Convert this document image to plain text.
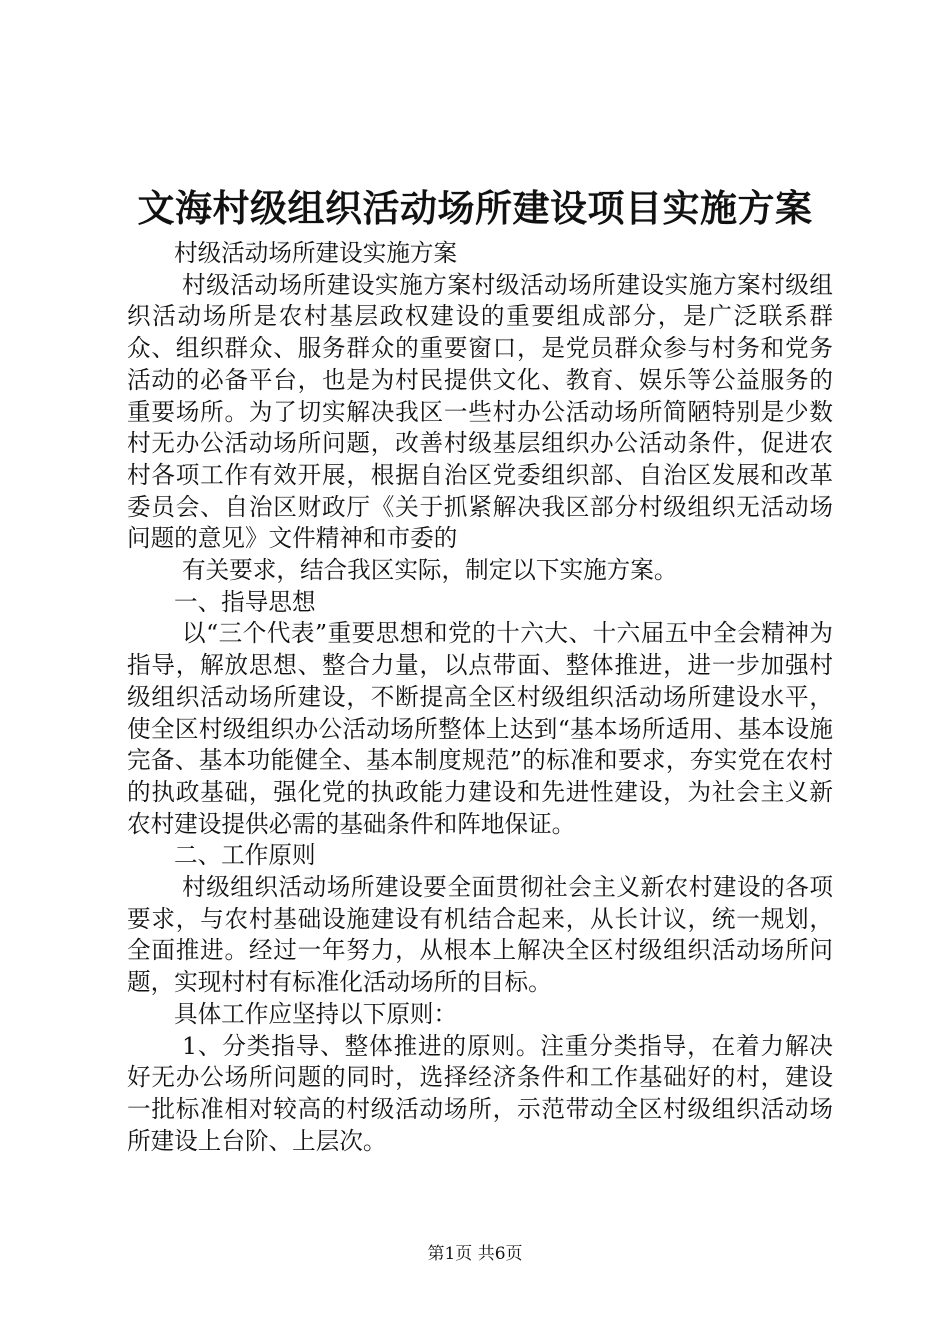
文海村级组织活动场所建设项目实施方案

村级活动场所建设实施方案

村级活动场所建设实施方案村级活动场所建设实施方案村级组织活动场所是农村基层政权建设的重要组成部分，是广泛联系群众、组织群众、服务群众的重要窗口，是党员群众参与村务和党务活动的必备平台，也是为村民提供文化、教育、娱乐等公益服务的重要场所。为了切实解决我区一些村办公活动场所简陋特别是少数村无办公活动场所问题，改善村级基层组织办公活动条件，促进农村各项工作有效开展，根据自治区党委组织部、自治区发展和改革委员会、自治区财政厅《关于抓紧解决我区部分村级组织无活动场问题的意见》文件精神和市委的

有关要求，结合我区实际，制定以下实施方案。

一、指导思想

以“三个代表”重要思想和党的十六大、十六届五中全会精神为指导，解放思想、整合力量，以点带面、整体推进，进一步加强村级组织活动场所建设，不断提高全区村级组织活动场所建设水平，使全区村级组织办公活动场所整体上达到“基本场所适用、基本设施完备、基本功能健全、基本制度规范”的标准和要求，夯实党在农村的执政基础，强化党的执政能力建设和先进性建设，为社会主义新农村建设提供必需的基础条件和阵地保证。

二、工作原则

村级组织活动场所建设要全面贯彻社会主义新农村建设的各项要求，与农村基础设施建设有机结合起来，从长计议，统一规划，全面推进。经过一年努力，从根本上解决全区村级组织活动场所问题，实现村村有标准化活动场所的目标。

具体工作应坚持以下原则：

1、分类指导、整体推进的原则。注重分类指导，在着力解决好无办公场所问题的同时，选择经济条件和工作基础好的村，建设一批标准相对较高的村级活动场所，示范带动全区村级组织活动场所建设上台阶、上层次。

第1页 共6页
